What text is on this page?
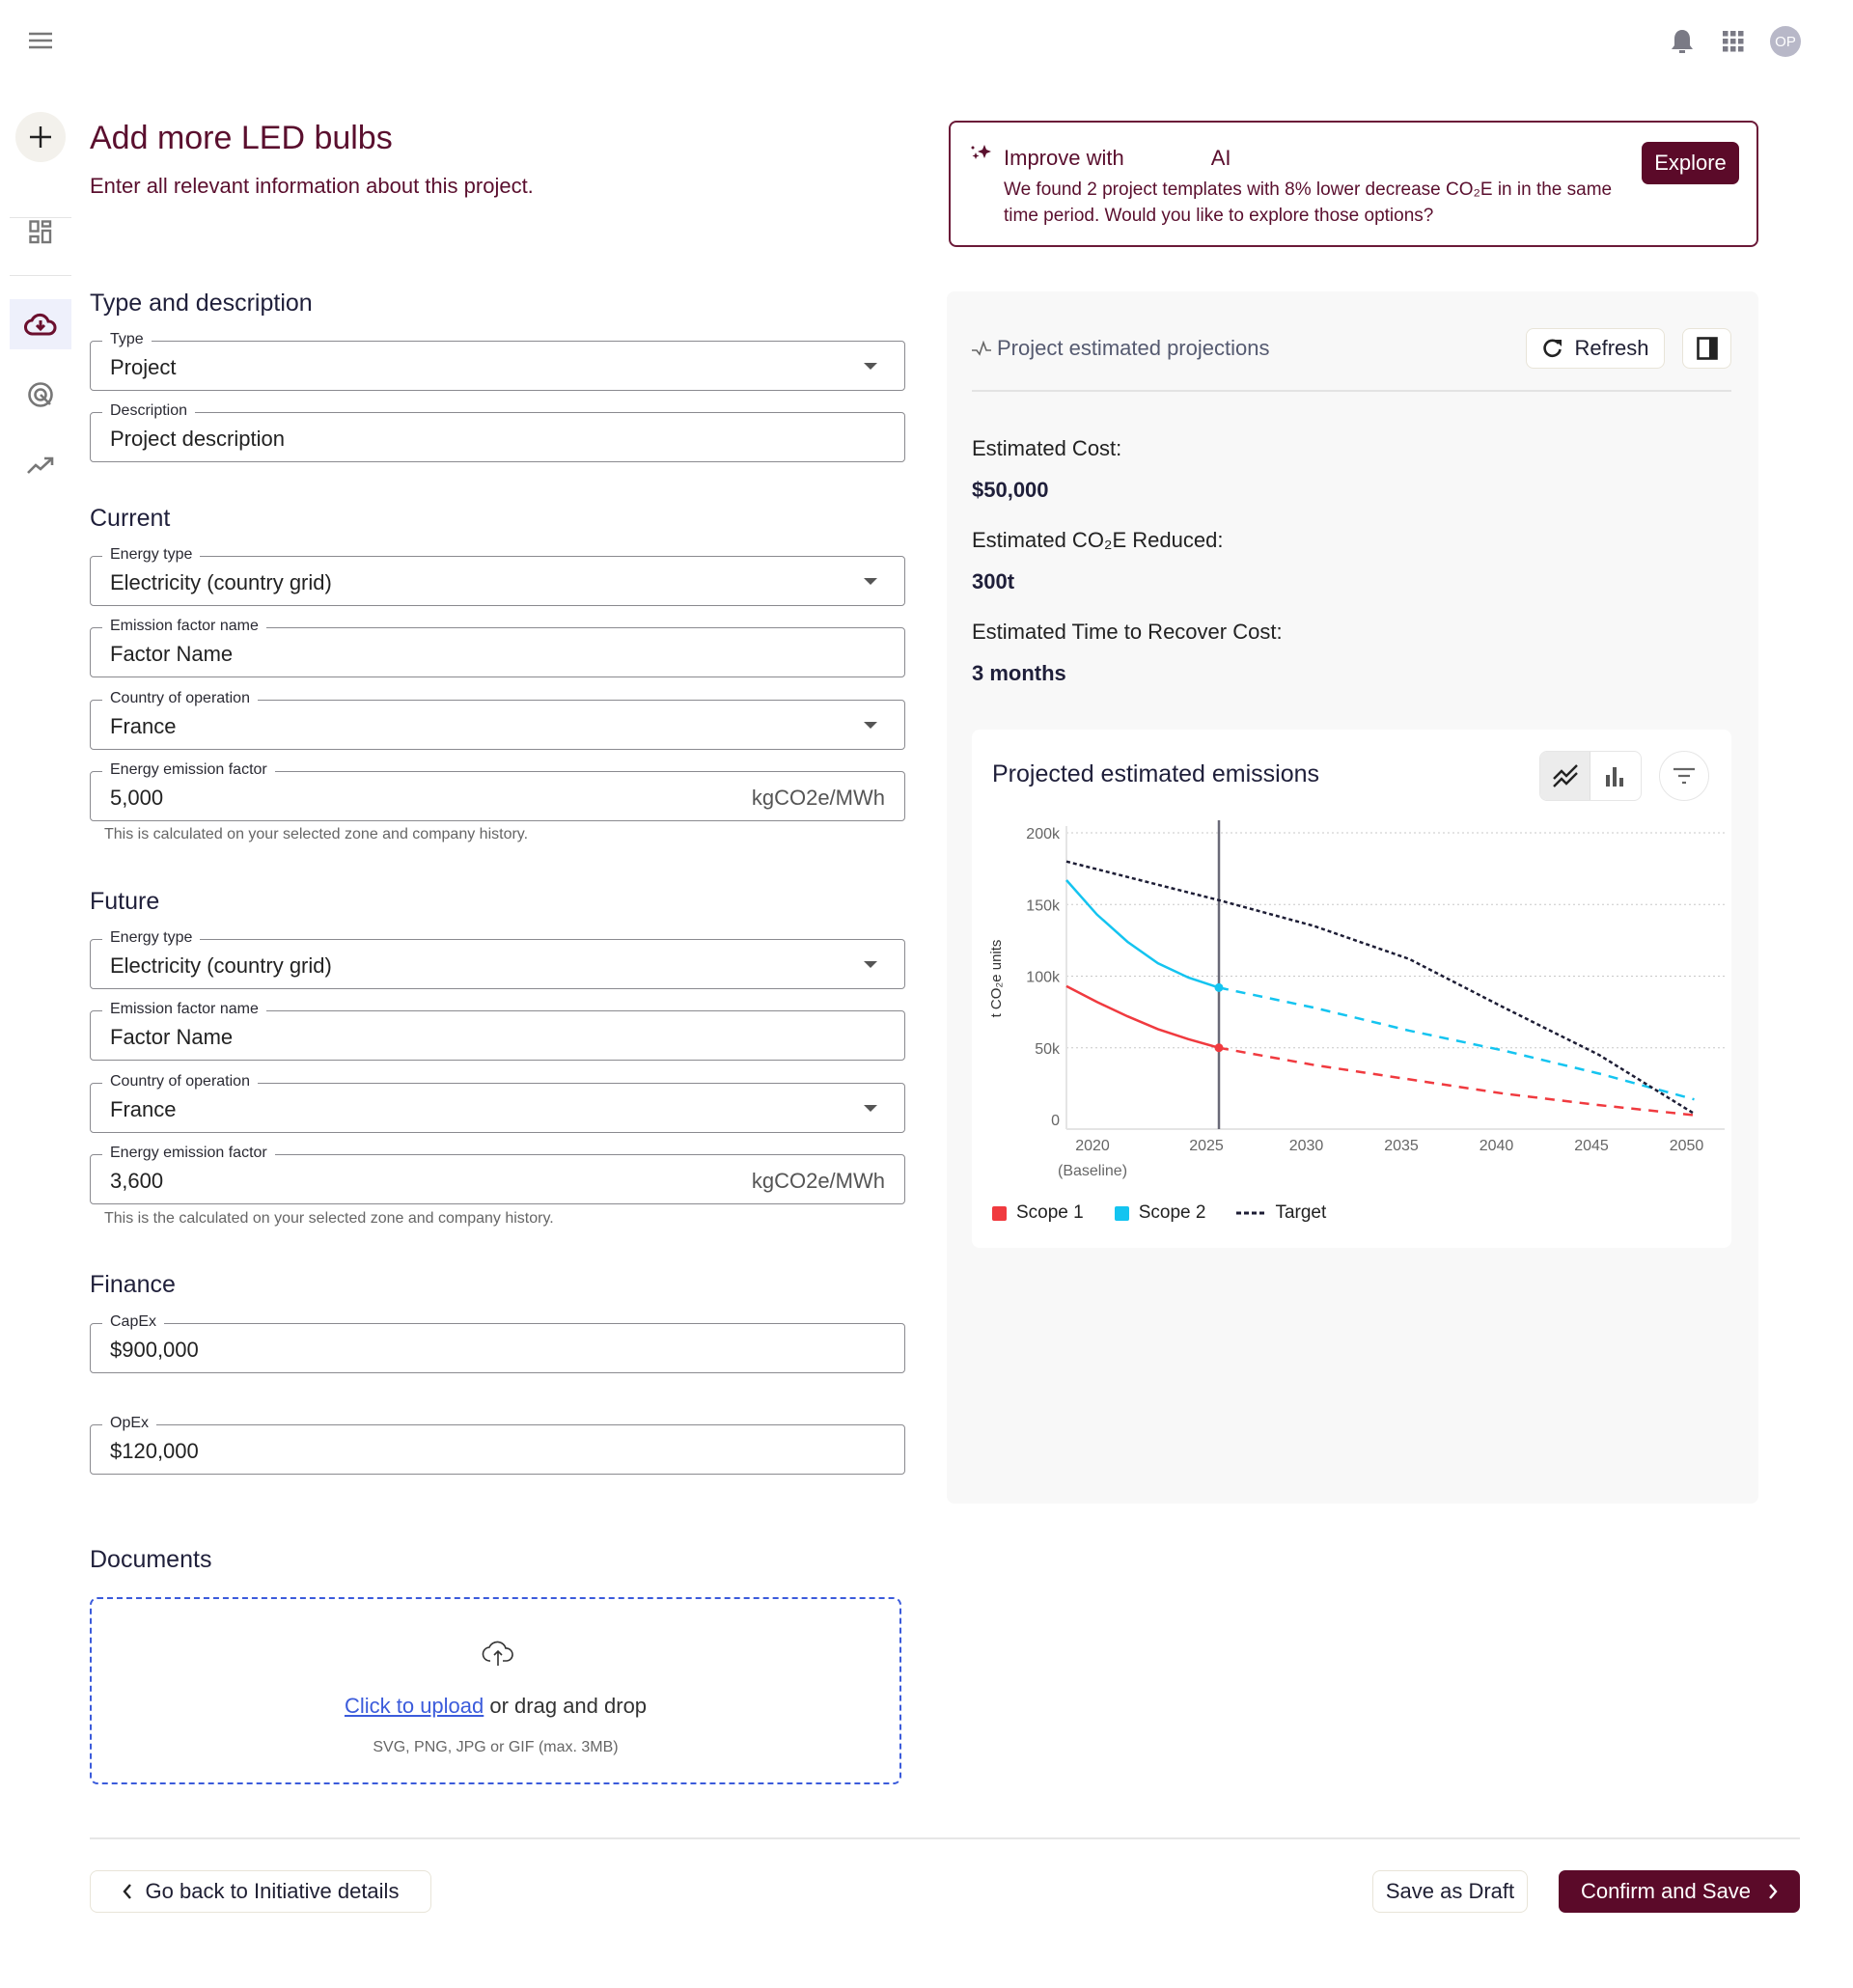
OP
Add more LED bulbs
Enter all relevant information about this project.
Type and description
Current
Future
Finance
Documents
Type
Project
Description
Project description
Energy type
Electricity (country grid)
Emission factor name
Factor Name
Country of operation
France
Energy emission factor
5,000	kgCO2e/MWh
Energy type
Electricity (country grid)
Emission factor name
Factor Name
Country of operation
France
Energy emission factor
3,600	kgCO2e/MWh
CapEx
$900,000
OpEx
$120,000
This is calculated on your selected zone and company history.
This is the calculated on your selected zone and company history.
Click to upload or drag and drop
SVG, PNG, JPG or GIF (max. 3MB)
Go back to Initiative details	Save as Draft	Confirm and Save
Improve with	AI
We found 2 project templates with 8% lower decrease CO₂E in in the same time period. Would you like to explore those options?
Explore
Project estimated projections	Refresh
Estimated Cost:
$50,000
Estimated CO₂E Reduced:
300t
Estimated Time to Recover Cost:
3 months
Projected estimated emissions
0
50k
100k
150k
200k
2020
(Baseline)
2025	2030	2035	2040	2045	2050
t CO₂e units
Scope 1	Scope 2	Target
